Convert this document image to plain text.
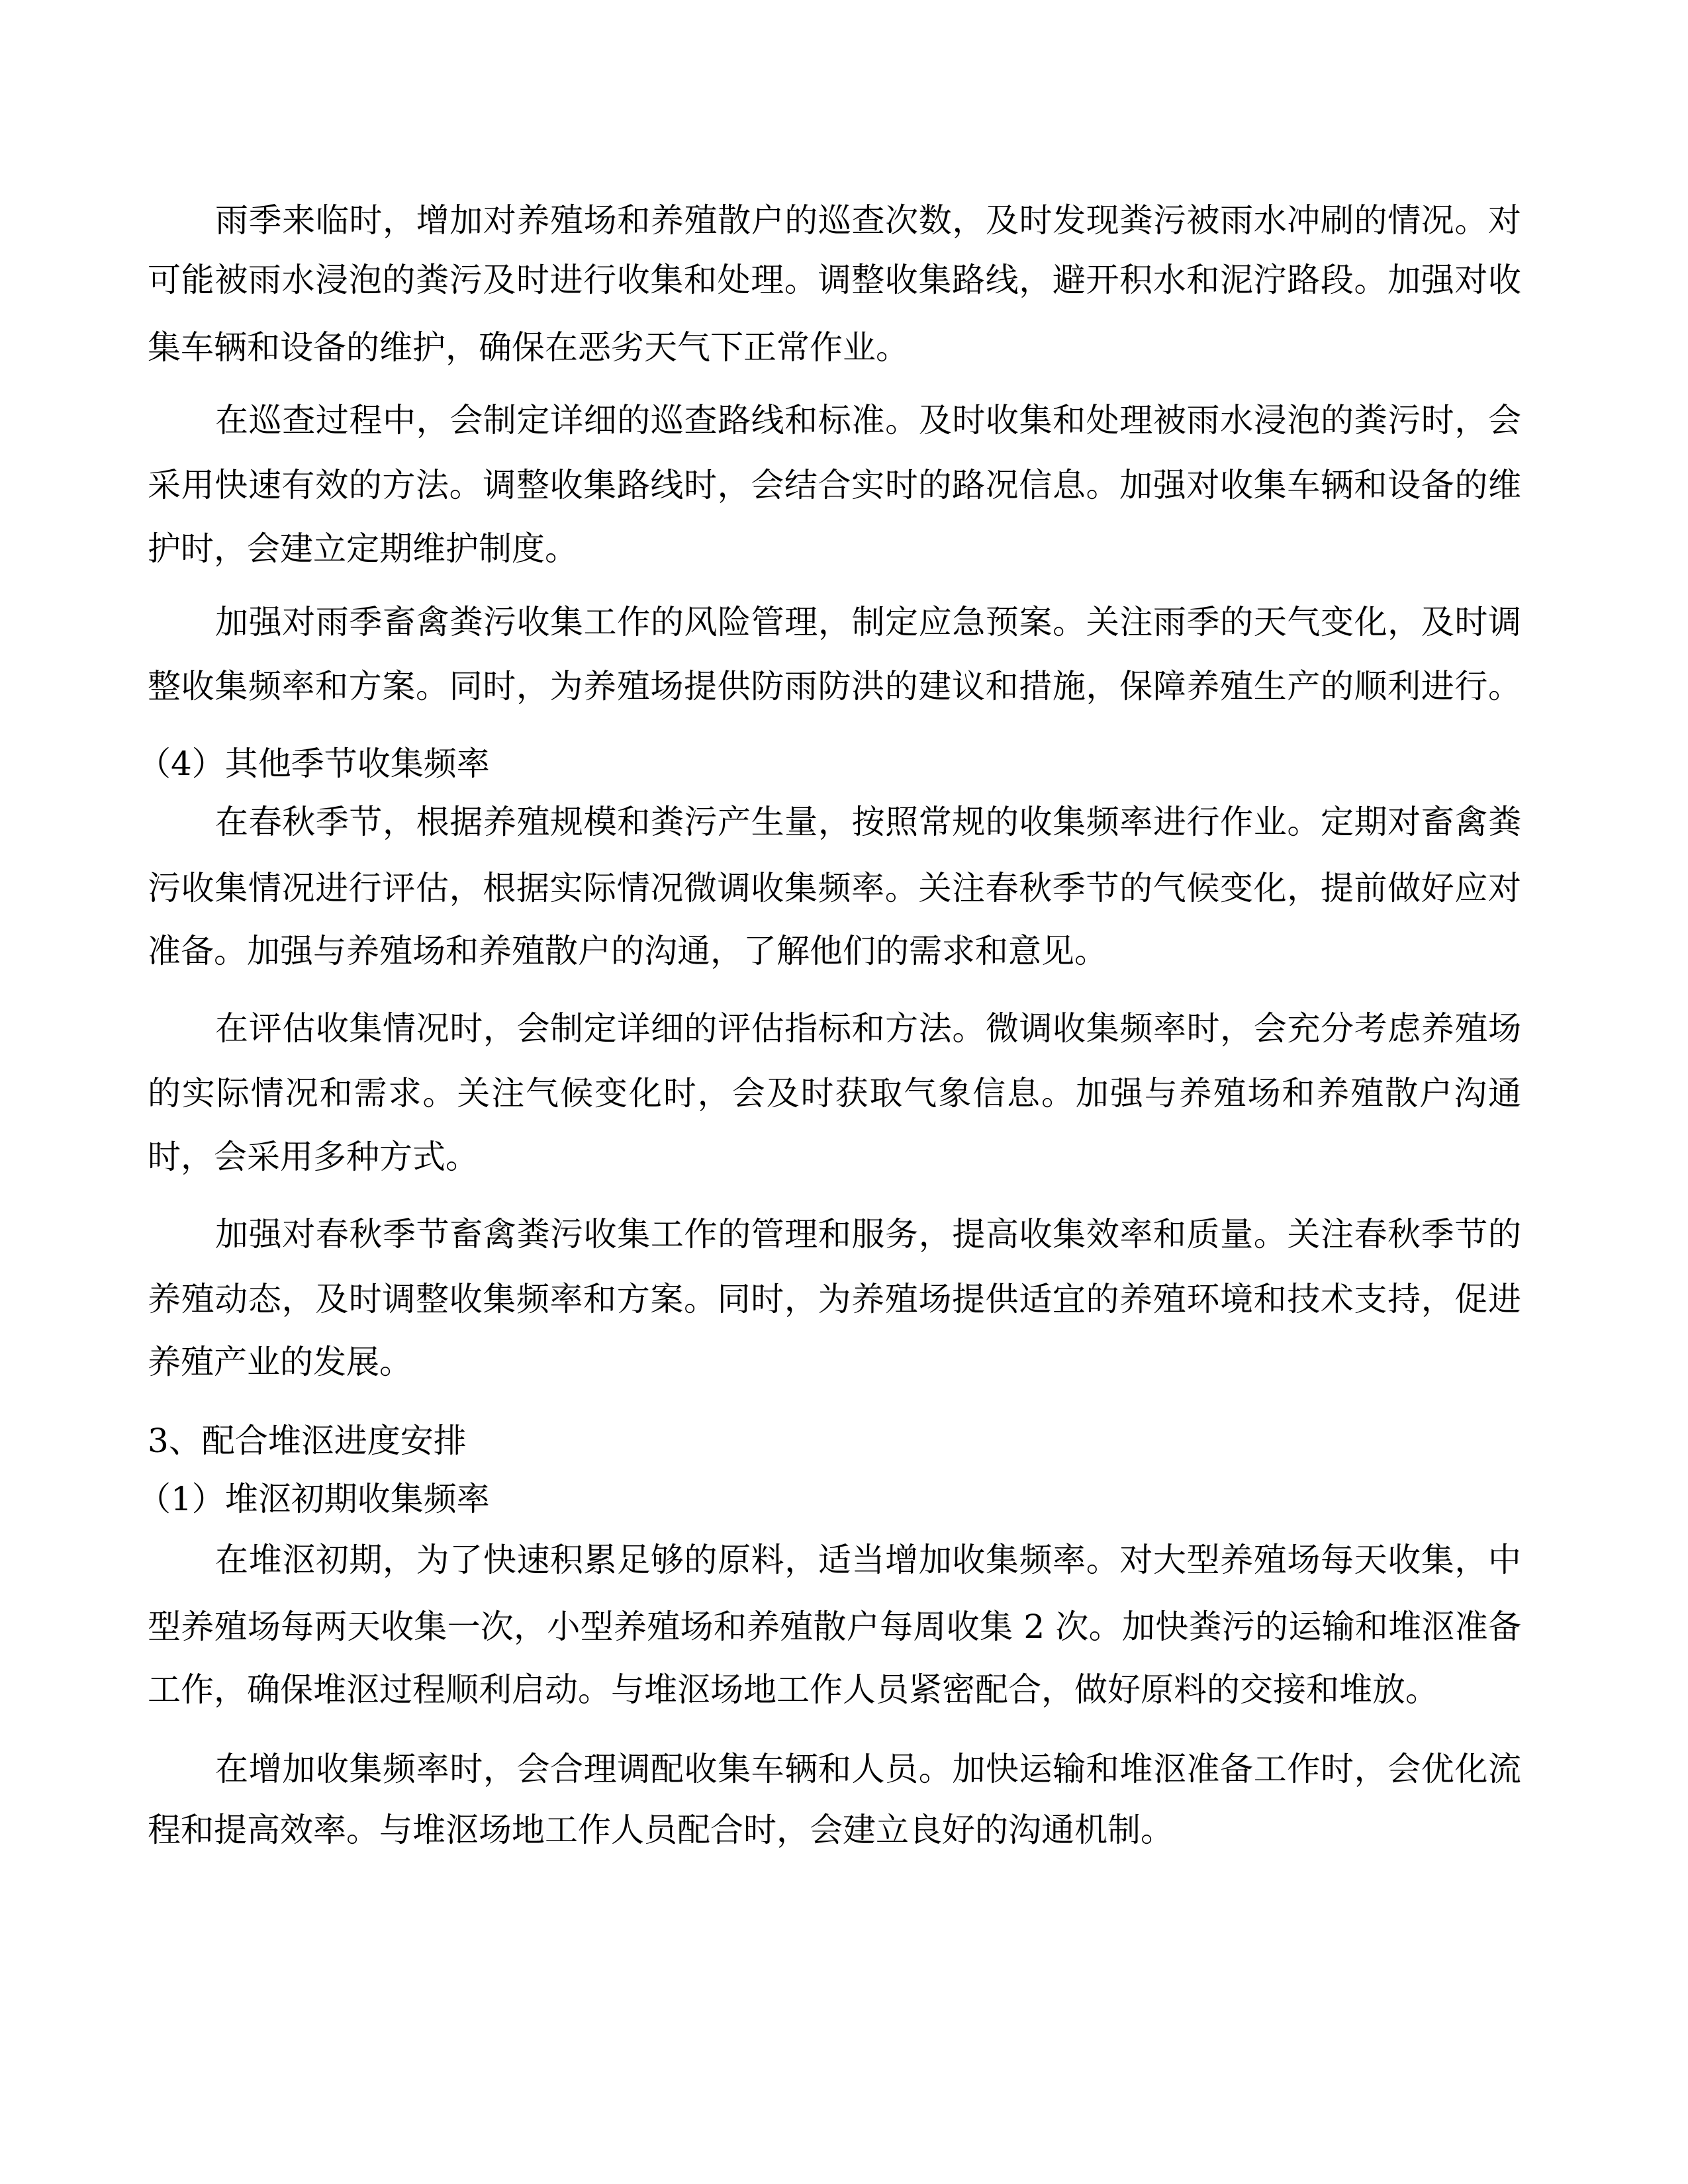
雨季来临时，增加对养殖场和养殖散户的巡查次数，及时发现粪污被雨水冲刷的情况。对
可能被雨水浸泡的粪污及时进行收集和处理。调整收集路线，避开积水和泥泞路段。加强对收
集车辆和设备的维护，确保在恶劣天气下正常作业。
在巡查过程中，会制定详细的巡查路线和标准。及时收集和处理被雨水浸泡的粪污时，会
采用快速有效的方法。调整收集路线时，会结合实时的路况信息。加强对收集车辆和设备的维
护时，会建立定期维护制度。
加强对雨季畜禽粪污收集工作的风险管理，制定应急预案。关注雨季的天气变化，及时调
整收集频率和方案。同时，为养殖场提供防雨防洪的建议和措施，保障养殖生产的顺利进行。
（4）其他季节收集频率
在春秋季节，根据养殖规模和粪污产生量，按照常规的收集频率进行作业。定期对畜禽粪
污收集情况进行评估，根据实际情况微调收集频率。关注春秋季节的气候变化，提前做好应对
准备。加强与养殖场和养殖散户的沟通，了解他们的需求和意见。
在评估收集情况时，会制定详细的评估指标和方法。微调收集频率时，会充分考虑养殖场
的实际情况和需求。关注气候变化时，会及时获取气象信息。加强与养殖场和养殖散户沟通
时，会采用多种方式。
加强对春秋季节畜禽粪污收集工作的管理和服务，提高收集效率和质量。关注春秋季节的
养殖动态，及时调整收集频率和方案。同时，为养殖场提供适宜的养殖环境和技术支持，促进
养殖产业的发展。
3、配合堆沤进度安排
（1）堆沤初期收集频率
在堆沤初期，为了快速积累足够的原料，适当增加收集频率。对大型养殖场每天收集，中
型养殖场每两天收集一次，小型养殖场和养殖散户每周收集 2 次。加快粪污的运输和堆沤准备
工作，确保堆沤过程顺利启动。与堆沤场地工作人员紧密配合，做好原料的交接和堆放。
在增加收集频率时，会合理调配收集车辆和人员。加快运输和堆沤准备工作时，会优化流
程和提高效率。与堆沤场地工作人员配合时，会建立良好的沟通机制。
